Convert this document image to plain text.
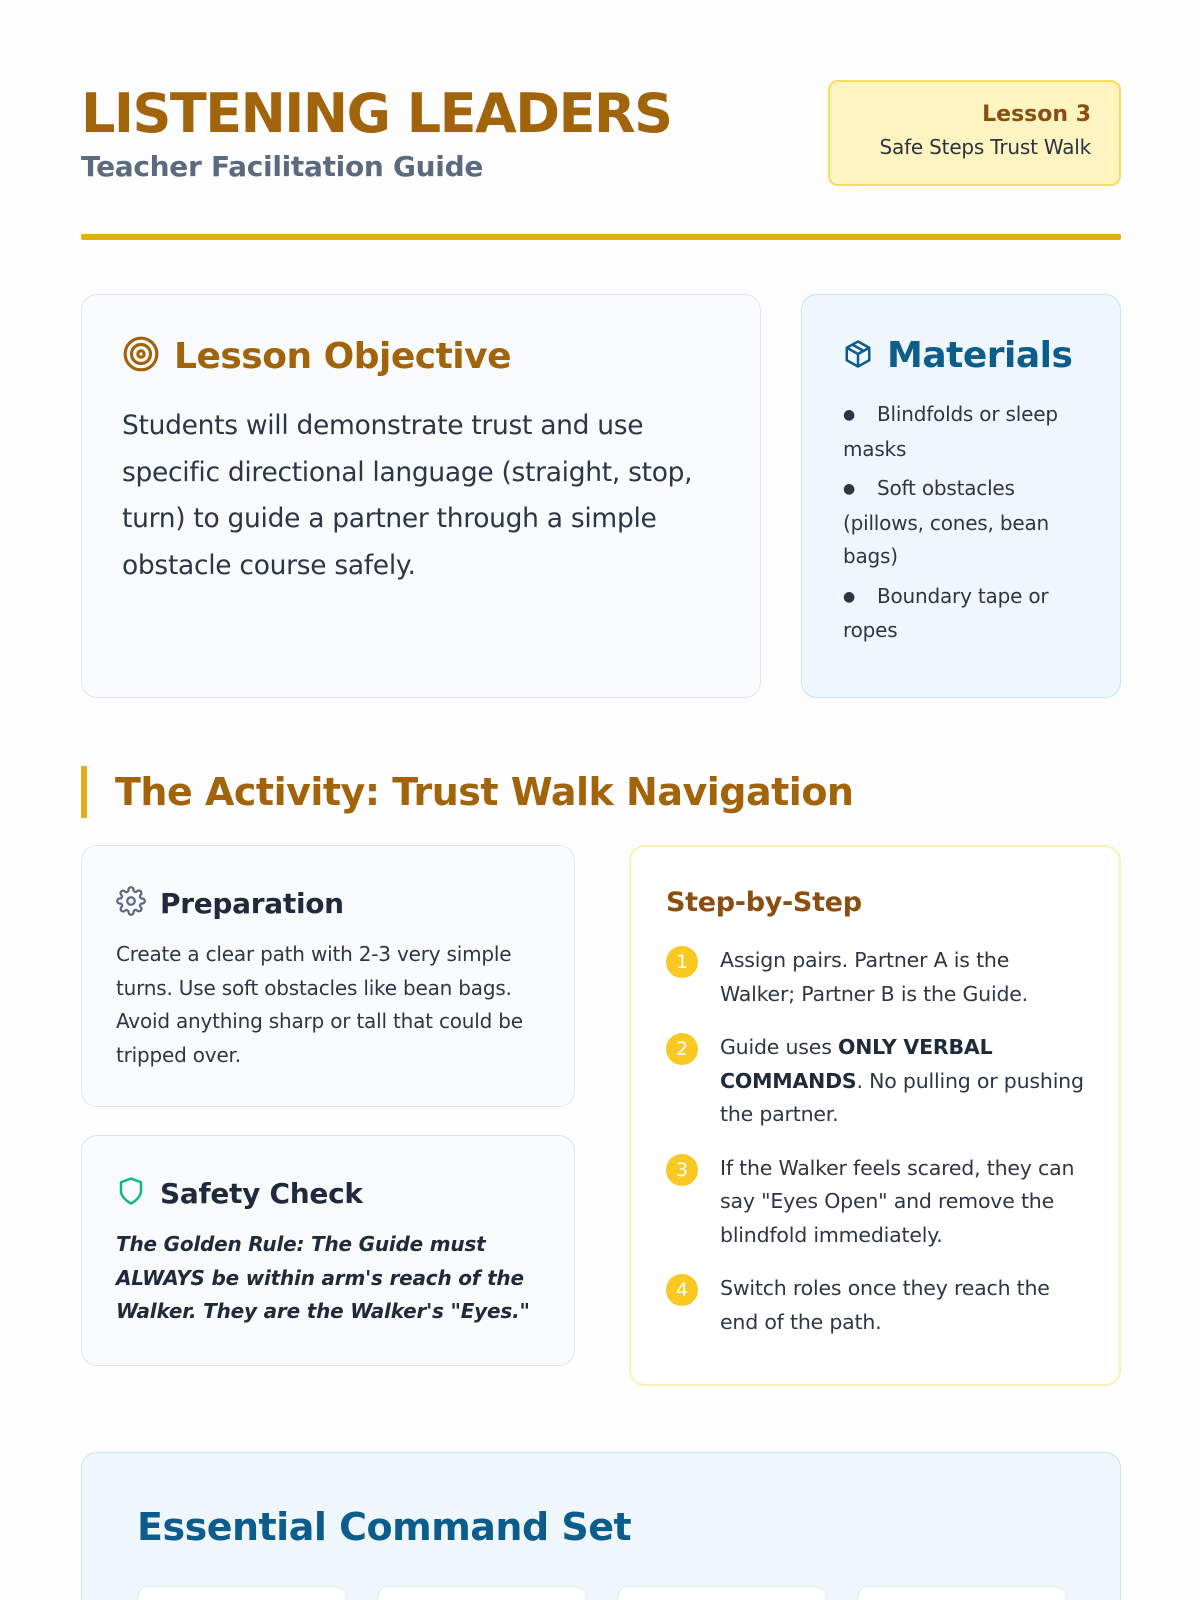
LISTENING LEADERS
Teacher Facilitation Guide
Lesson 3
Safe Steps Trust Walk
Lesson Objective
Students will demonstrate trust and use specific directional language (straight, stop, turn) to guide a partner through a simple obstacle course safely.
Materials
● Blindfolds or sleep masks
● Soft obstacles (pillows, cones, bean bags)
● Boundary tape or ropes
The Activity: Trust Walk Navigation
Preparation
Create a clear path with 2-3 very simple turns. Use soft obstacles like bean bags. Avoid anything sharp or tall that could be tripped over.
Safety Check
The Golden Rule: The Guide must ALWAYS be within arm's reach of the Walker. They are the Walker's "Eyes."
Step-by-Step
1	Assign pairs. Partner A is the Walker; Partner B is the Guide.
2	Guide uses ONLY VERBAL COMMANDS. No pulling or pushing the partner.
3	If the Walker feels scared, they can say "Eyes Open" and remove the blindfold immediately.
4	Switch roles once they reach the end of the path.
Essential Command Set
